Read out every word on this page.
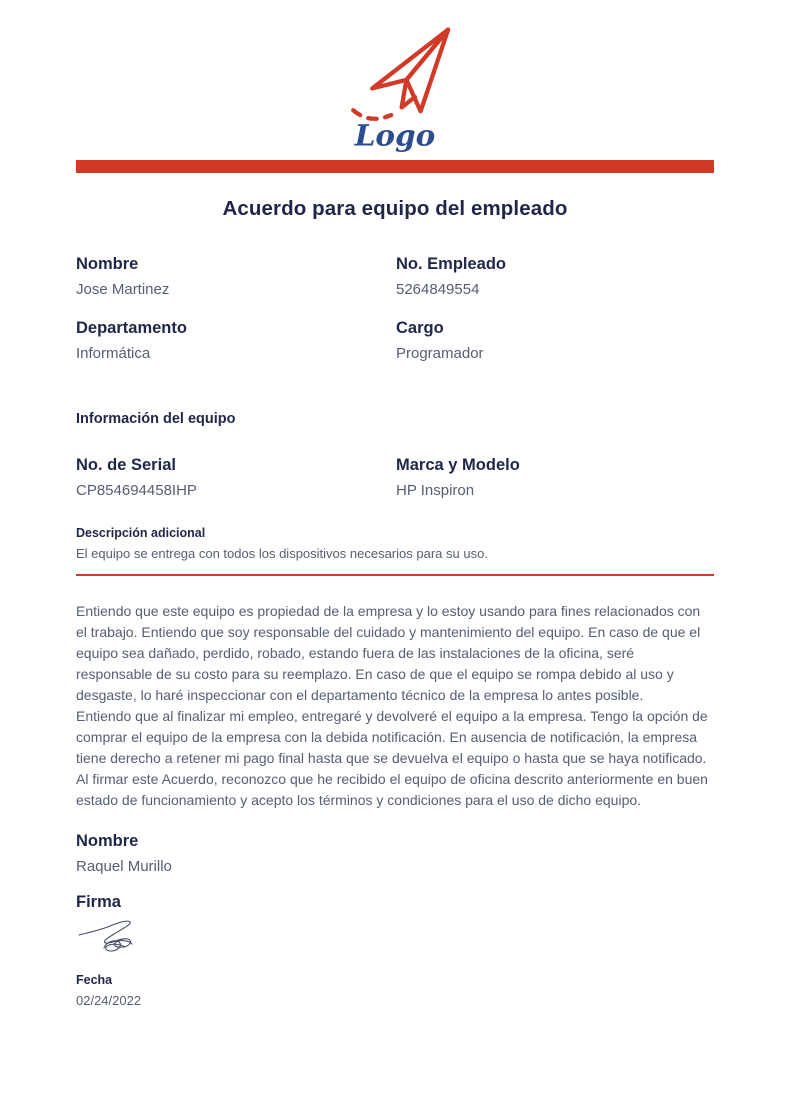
Logo
Acuerdo para equipo del empleado
Nombre
Jose Martinez
No. Empleado
5264849554
Departamento
Informática
Cargo
Programador
Información del equipo
No. de Serial
CP854694458IHP
Marca y Modelo
HP Inspiron
Descripción adicional
El equipo se entrega con todos los dispositivos necesarios para su uso.

Entiendo que este equipo es propiedad de la empresa y lo estoy usando para fines relacionados con el trabajo. Entiendo que soy responsable del cuidado y mantenimiento del equipo. En caso de que el equipo sea dañado, perdido, robado, estando fuera de las instalaciones de la oficina, seré responsable de su costo para su reemplazo. En caso de que el equipo se rompa debido al uso y desgaste, lo haré inspeccionar con el departamento técnico de la empresa lo antes posible.

Entiendo que al finalizar mi empleo, entregaré y devolveré el equipo a la empresa. Tengo la opción de comprar el equipo de la empresa con la debida notificación. En ausencia de notificación, la empresa tiene derecho a retener mi pago final hasta que se devuelva el equipo o hasta que se haya notificado.

Al firmar este Acuerdo, reconozco que he recibido el equipo de oficina descrito anteriormente en buen estado de funcionamiento y acepto los términos y condiciones para el uso de dicho equipo.

Nombre
Raquel Murillo
Firma
Fecha
02/24/2022
